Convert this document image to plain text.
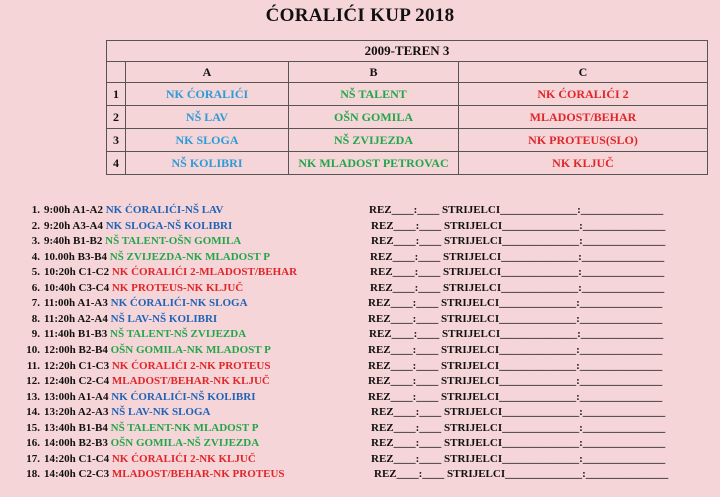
ĆORALIĆI KUP 2018
2009-TEREN 3			
	A	B	C
1	NK ĆORALIĆI	NŠ TALENT	NK ĆORALIĆI 2
2	NŠ LAV	OŠN GOMILA	MLADOST/BEHAR
3	NK SLOGA	NŠ ZVIJEZDA	NK PROTEUS(SLO)
4	NŠ KOLIBRI	NK MLADOST PETROVAC	NK KLJUČ
1. 9:00h A1-A2 NK ĆORALIĆI-NŠ LAV	REZ____:____ STRIJELCI______________:_______________
2. 9:20h A3-A4 NK SLOGA-NŠ KOLIBRI	REZ____:____ STRIJELCI______________:_______________
3. 9:40h B1-B2 NŠ TALENT-OŠN GOMILA	REZ____:____ STRIJELCI______________:_______________
4. 10.00h B3-B4 NŠ ZVIJEZDA-NK MLADOST P	REZ____:____ STRIJELCI______________:_______________
5. 10:20h C1-C2 NK ĆORALIĆI 2-MLADOST/BEHAR	REZ____:____ STRIJELCI______________:_______________
6. 10:40h C3-C4 NK PROTEUS-NK KLJUČ	REZ____:____ STRIJELCI______________:_______________
7. 11:00h A1-A3 NK ĆORALIĆI-NK SLOGA	REZ____:____ STRIJELCI______________:_______________
8. 11:20h A2-A4 NŠ LAV-NŠ KOLIBRI	REZ____:____ STRIJELCI______________:_______________
9. 11:40h B1-B3 NŠ TALENT-NŠ ZVIJEZDA	REZ____:____ STRIJELCI______________:_______________
10. 12:00h B2-B4 OŠN GOMILA-NK MLADOST P	REZ____:____ STRIJELCI______________:_______________
11. 12:20h C1-C3 NK ĆORALIĆI 2-NK PROTEUS	REZ____:____ STRIJELCI______________:_______________
12. 12:40h C2-C4 MLADOST/BEHAR-NK KLJUČ	REZ____:____ STRIJELCI______________:_______________
13. 13:00h A1-A4 NK ĆORALIĆI-NŠ KOLIBRI	REZ____:____ STRIJELCI______________:_______________
14. 13:20h A2-A3 NŠ LAV-NK SLOGA	REZ____:____ STRIJELCI______________:_______________
15. 13:40h B1-B4 NŠ TALENT-NK MLADOST P	REZ____:____ STRIJELCI______________:_______________
16. 14:00h B2-B3 OŠN GOMILA-NŠ ZVIJEZDA	REZ____:____ STRIJELCI______________:_______________
17. 14:20h C1-C4 NK ĆORALIĆI 2-NK KLJUČ	REZ____:____ STRIJELCI______________:_______________
18. 14:40h C2-C3 MLADOST/BEHAR-NK PROTEUS	REZ____:____ STRIJELCI______________:_______________
